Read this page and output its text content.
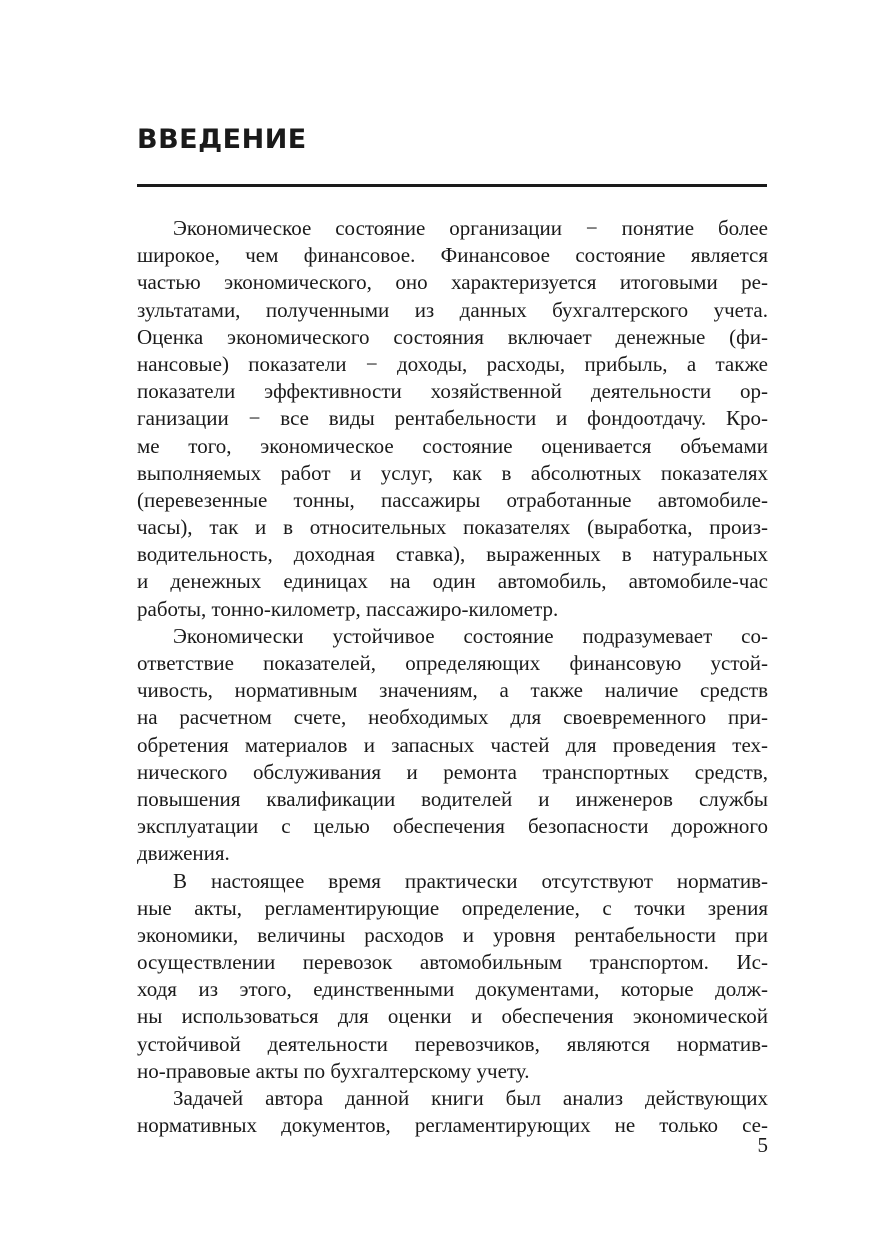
ВВЕДЕНИЕ
Экономическое состояние организации − понятие более
широкое, чем финансовое. Финансовое состояние является
частью экономического, оно характеризуется итоговыми ре-
зультатами, полученными из данных бухгалтерского учета.
Оценка экономического состояния включает денежные (фи-
нансовые) показатели − доходы, расходы, прибыль, а также
показатели эффективности хозяйственной деятельности ор-
ганизации − все виды рентабельности и фондоотдачу. Кро-
ме того, экономическое состояние оценивается объемами
выполняемых работ и услуг, как в абсолютных показателях
(перевезенные тонны, пассажиры отработанные автомобиле-
часы), так и в относительных показателях (выработка, произ-
водительность, доходная ставка), выраженных в натуральных
и денежных единицах на один автомобиль, автомобиле-час
работы, тонно-километр, пассажиро-километр.
Экономически устойчивое состояние подразумевает со-
ответствие показателей, определяющих финансовую устой-
чивость, нормативным значениям, а также наличие средств
на расчетном счете, необходимых для своевременного при-
обретения материалов и запасных частей для проведения тех-
нического обслуживания и ремонта транспортных средств,
повышения квалификации водителей и инженеров службы
эксплуатации с целью обеспечения безопасности дорожного
движения.
В настоящее время практически отсутствуют норматив-
ные акты, регламентирующие определение, с точки зрения
экономики, величины расходов и уровня рентабельности при
осуществлении перевозок автомобильным транспортом. Ис-
ходя из этого, единственными документами, которые долж-
ны использоваться для оценки и обеспечения экономической
устойчивой деятельности перевозчиков, являются норматив-
но-правовые акты по бухгалтерскому учету.
Задачей автора данной книги был анализ действующих
нормативных документов, регламентирующих не только се-
5
